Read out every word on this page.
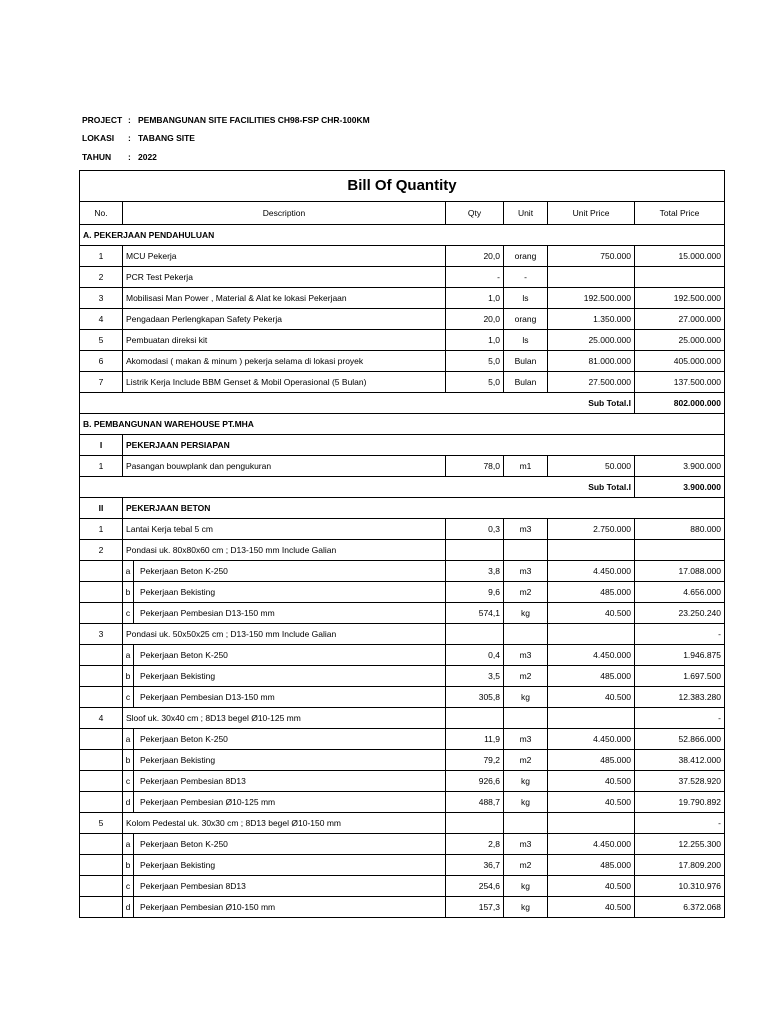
PROJECT : PEMBANGUNAN SITE FACILITIES CH98-FSP CHR-100KM
LOKASI	: TABANG SITE
TAHUN	: 2022
Bill Of Quantity					
No.	Description	Qty	Unit	Unit Price	Total Price
A. PEKERJAAN PENDAHULUAN					
1	MCU Pekerja	20,0	orang	750.000	15.000.000
2	PCR Test Pekerja	-	-		
3	Mobilisasi Man Power , Material & Alat ke lokasi Pekerjaan	1,0	ls	192.500.000	192.500.000
4	Pengadaan Perlengkapan Safety Pekerja	20,0	orang	1.350.000	27.000.000
5	Pembuatan direksi kit	1,0	ls	25.000.000	25.000.000
6	Akomodasi ( makan & minum ) pekerja selama di lokasi proyek	5,0	Bulan	81.000.000	405.000.000
7	Listrik Kerja Include BBM Genset & Mobil Operasional (5 Bulan)	5,0	Bulan	27.500.000	137.500.000
				Sub Total.I	802.000.000
B. PEMBANGUNAN WAREHOUSE PT.MHA					
I	PEKERJAAN PERSIAPAN				
1	Pasangan bouwplank dan pengukuran	78,0	m1	50.000	3.900.000
				Sub Total.I	3.900.000
II	PEKERJAAN BETON				
1	Lantai Kerja tebal 5 cm	0,3	m3	2.750.000	880.000
2	Pondasi uk. 80x80x60 cm ; D13-150 mm Include Galian				
	a Pekerjaan Beton K-250	3,8	m3	4.450.000	17.088.000
	b Pekerjaan Bekisting	9,6	m2	485.000	4.656.000
	c Pekerjaan Pembesian D13-150 mm	574,1	kg	40.500	23.250.240
3	Pondasi uk. 50x50x25 cm ; D13-150 mm Include Galian				-
	a Pekerjaan Beton K-250	0,4	m3	4.450.000	1.946.875
	b Pekerjaan Bekisting	3,5	m2	485.000	1.697.500
	c Pekerjaan Pembesian D13-150 mm	305,8	kg	40.500	12.383.280
4	Sloof uk. 30x40 cm ; 8D13 begel Ø10-125 mm				-
	a Pekerjaan Beton K-250	11,9	m3	4.450.000	52.866.000
	b Pekerjaan Bekisting	79,2	m2	485.000	38.412.000
	c Pekerjaan Pembesian 8D13	926,6	kg	40.500	37.528.920
	d Pekerjaan Pembesian Ø10-125 mm	488,7	kg	40.500	19.790.892
5	Kolom Pedestal uk. 30x30 cm ; 8D13 begel Ø10-150 mm				-
	a Pekerjaan Beton K-250	2,8	m3	4.450.000	12.255.300
	b Pekerjaan Bekisting	36,7	m2	485.000	17.809.200
	c Pekerjaan Pembesian 8D13	254,6	kg	40.500	10.310.976
	d Pekerjaan Pembesian Ø10-150 mm	157,3	kg	40.500	6.372.068
